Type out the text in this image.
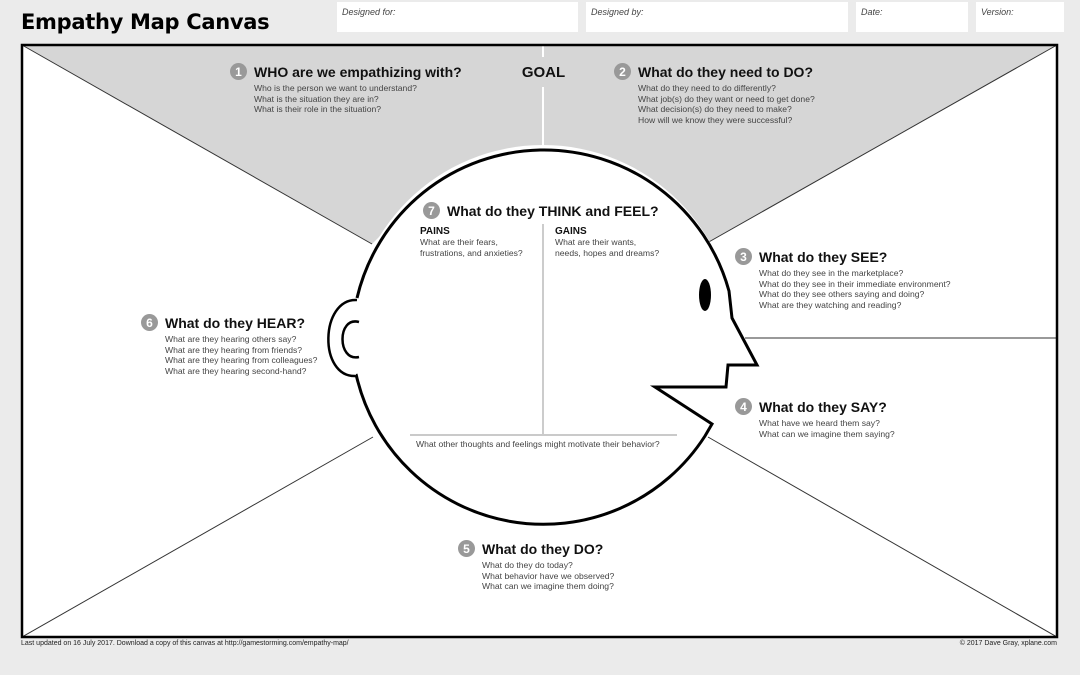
Empathy Map Canvas	Designed for:	Designed by:	Date:	Version:
GOAL
1 WHO are we empathizing with?
Who is the person we want to understand?
What is the situation they are in?
What is their role in the situation?
2 What do they need to DO?
What do they need to do differently?
What job(s) do they want or need to get done?
What decision(s) do they need to make?
How will we know they were successful?
3 What do they SEE?
What do they see in the marketplace?
What do they see in their immediate environment?
What do they see others saying and doing?
What are they watching and reading?
4 What do they SAY?
What have we heard them say?
What can we imagine them saying?
5 What do they DO?
What do they do today?
What behavior have we observed?
What can we imagine them doing?
6 What do they HEAR?
What are they hearing others say?
What are they hearing from friends?
What are they hearing from colleagues?
What are they hearing second-hand?
7 What do they THINK and FEEL?
PAINS
What are their fears,
frustrations, and anxieties?
GAINS
What are their wants,
needs, hopes and dreams?
What other thoughts and feelings might motivate their behavior?
Last updated on 16 July 2017. Download a copy of this canvas at http://gamestorming.com/empathy-map/	© 2017 Dave Gray, xplane.com
